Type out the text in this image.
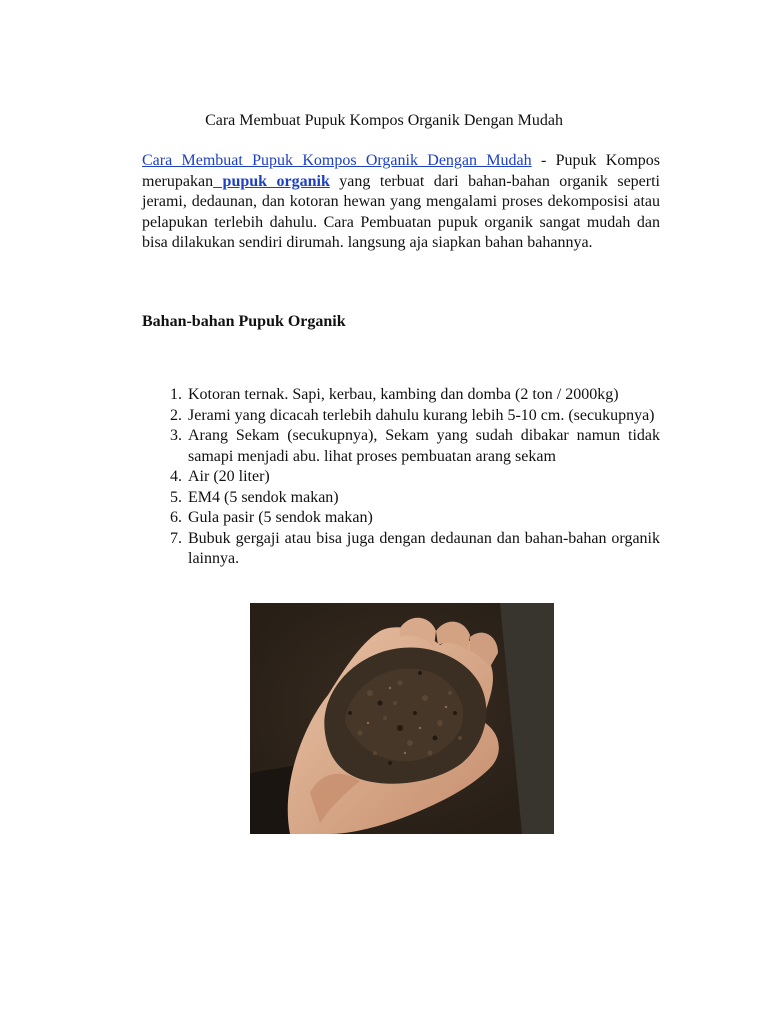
Cara Membuat Pupuk Kompos Organik Dengan Mudah

Cara Membuat Pupuk Kompos Organik Dengan Mudah - Pupuk Kompos merupakan pupuk organik yang terbuat dari bahan-bahan organik seperti jerami, dedaunan, dan kotoran hewan yang mengalami proses dekomposisi atau pelapukan terlebih dahulu. Cara Pembuatan pupuk organik sangat mudah dan bisa dilakukan sendiri dirumah. langsung aja siapkan bahan bahannya.

Bahan-bahan Pupuk Organik
1. Kotoran ternak. Sapi, kerbau, kambing dan domba (2 ton / 2000kg)
2. Jerami yang dicacah terlebih dahulu kurang lebih 5-10 cm. (secukupnya)
3. Arang Sekam (secukupnya), Sekam yang sudah dibakar namun tidak samapi menjadi abu. lihat proses pembuatan arang sekam
4. Air (20 liter)
5. EM4 (5 sendok makan)
6. Gula pasir (5 sendok makan)
7. Bubuk gergaji atau bisa juga dengan dedaunan dan bahan-bahan organik lainnya.
